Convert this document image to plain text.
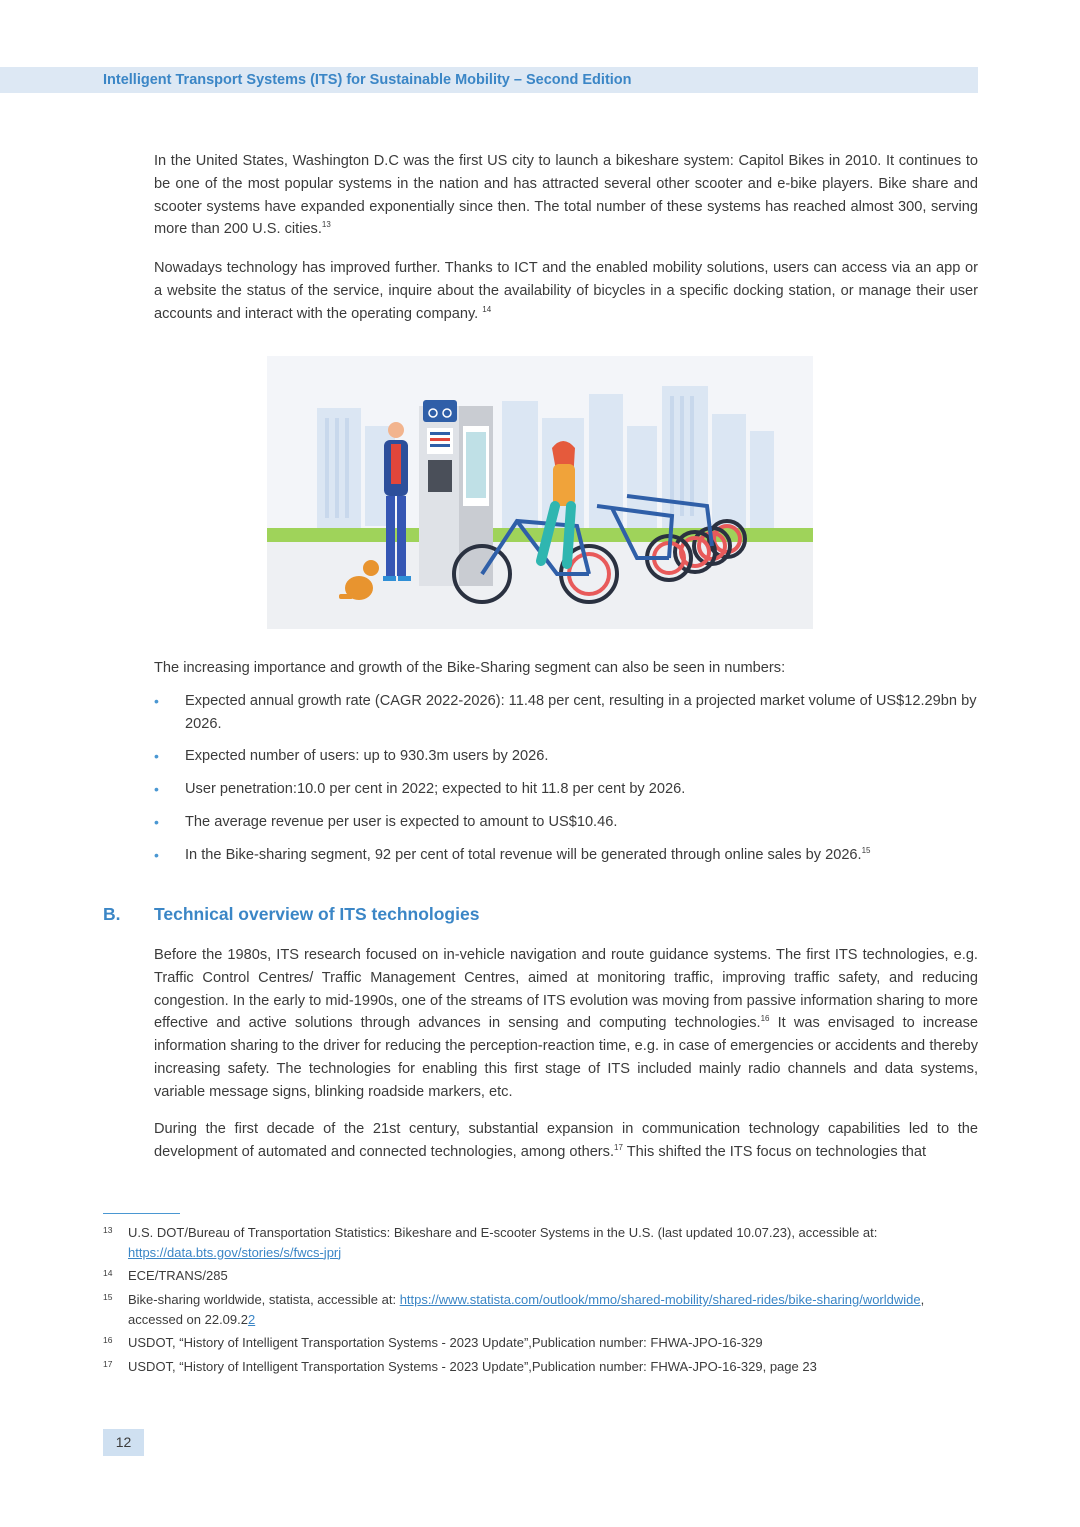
Intelligent Transport Systems (ITS) for Sustainable Mobility – Second Edition

In the United States, Washington D.C was the first US city to launch a bikeshare system: Capitol Bikes in 2010. It continues to be one of the most popular systems in the nation and has attracted several other scooter and e-bike players. Bike share and scooter systems have expanded exponentially since then. The total number of these systems has reached almost 300, serving more than 200 U.S. cities.$^{13}$

Nowadays technology has improved further. Thanks to ICT and the enabled mobility solutions, users can access via an app or a website the status of the service, inquire about the availability of bicycles in a specific docking station, or manage their user accounts and interact with the operating company. $^{14}$

The increasing importance and growth of the Bike-Sharing segment can also be seen in numbers:

• Expected annual growth rate (CAGR 2022-2026): 11.48 per cent, resulting in a projected market volume of US$12.29bn by 2026.
• Expected number of users: up to 930.3m users by 2026.
• User penetration:10.0 per cent in 2022; expected to hit 11.8 per cent by 2026.
• The average revenue per user is expected to amount to US$10.46.
• In the Bike-sharing segment, 92 per cent of total revenue will be generated through online sales by 2026.15
B. Technical overview of ITS technologies

Before the 1980s, ITS research focused on in-vehicle navigation and route guidance systems. The first ITS technologies, e.g. Traffic Control Centres/ Traffic Management Centres, aimed at monitoring traffic, improving traffic safety, and reducing congestion. In the early to mid-1990s, one of the streams of ITS evolution was moving from passive information sharing to more effective and active solutions through advances in sensing and computing technologies.$^{16}$ It was envisaged to increase information sharing to the driver for reducing the perception-reaction time, e.g. in case of emergencies or accidents and thereby increasing safety. The technologies for enabling this first stage of ITS included mainly radio channels and data systems, variable message signs, blinking roadside markers, etc.

During the first decade of the 21st century, substantial expansion in communication technology capabilities led to the development of automated and connected technologies, among others.$^{17}$ This shifted the ITS focus on technologies that

13 U.S. DOT/Bureau of Transportation Statistics: Bikeshare and E-scooter Systems in the U.S. (last updated 10.07.23), accessible at: https://data.bts.gov/stories/s/fwcs-jprj
14 ECE/TRANS/285
15 Bike-sharing worldwide, statista, accessible at: https://www.statista.com/outlook/mmo/shared-mobility/shared-rides/bike-sharing/worldwide, accessed on 22.09.22
16 USDOT, “History of Intelligent Transportation Systems - 2023 Update”,Publication number: FHWA-JPO-16-329
17 USDOT, “History of Intelligent Transportation Systems - 2023 Update”,Publication number: FHWA-JPO-16-329, page 23
12
